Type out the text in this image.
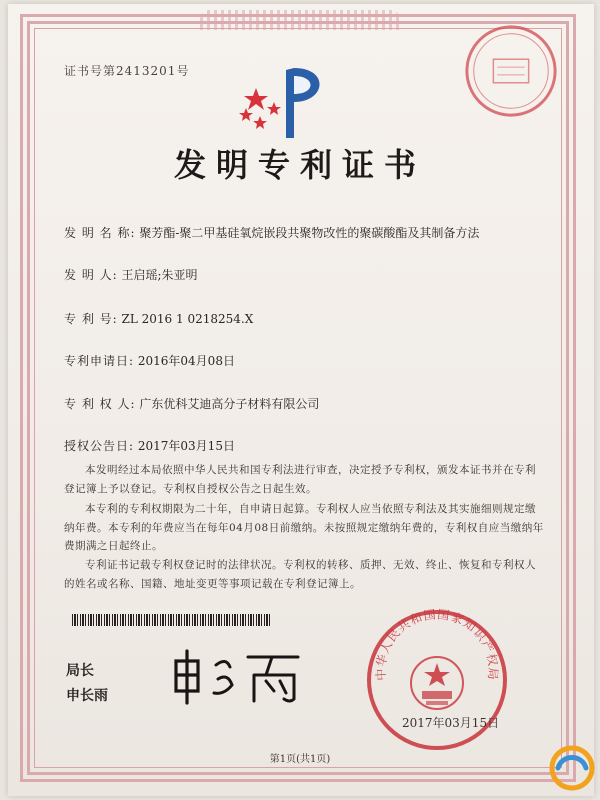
证书号第2413201号
发明专利证书
发 明 名 称: 聚芳酯-聚二甲基硅氧烷嵌段共聚物改性的聚碳酸酯及其制备方法
发 明 人: 王启瑶;朱亚明
专 利 号: ZL 2016 1 0218254.X
专利申请日: 2016年04月08日
专 利 权 人: 广东优科艾迪高分子材料有限公司
授权公告日: 2017年03月15日
本发明经过本局依照中华人民共和国专利法进行审查，决定授予专利权，颁发本证书并在专利登记簿上予以登记。专利权自授权公告之日起生效。
本专利的专利权期限为二十年，自申请日起算。专利权人应当依照专利法及其实施细则规定缴纳年费。本专利的年费应当在每年04月08日前缴纳。未按照规定缴纳年费的，专利权自应当缴纳年费期满之日起终止。
专利证书记载专利权登记时的法律状况。专利权的转移、质押、无效、终止、恢复和专利权人的姓名或名称、国籍、地址变更等事项记载在专利登记簿上。
局长
申长雨
中华人民共和国国家知识产权局
2017年03月15日
第1页(共1页)
